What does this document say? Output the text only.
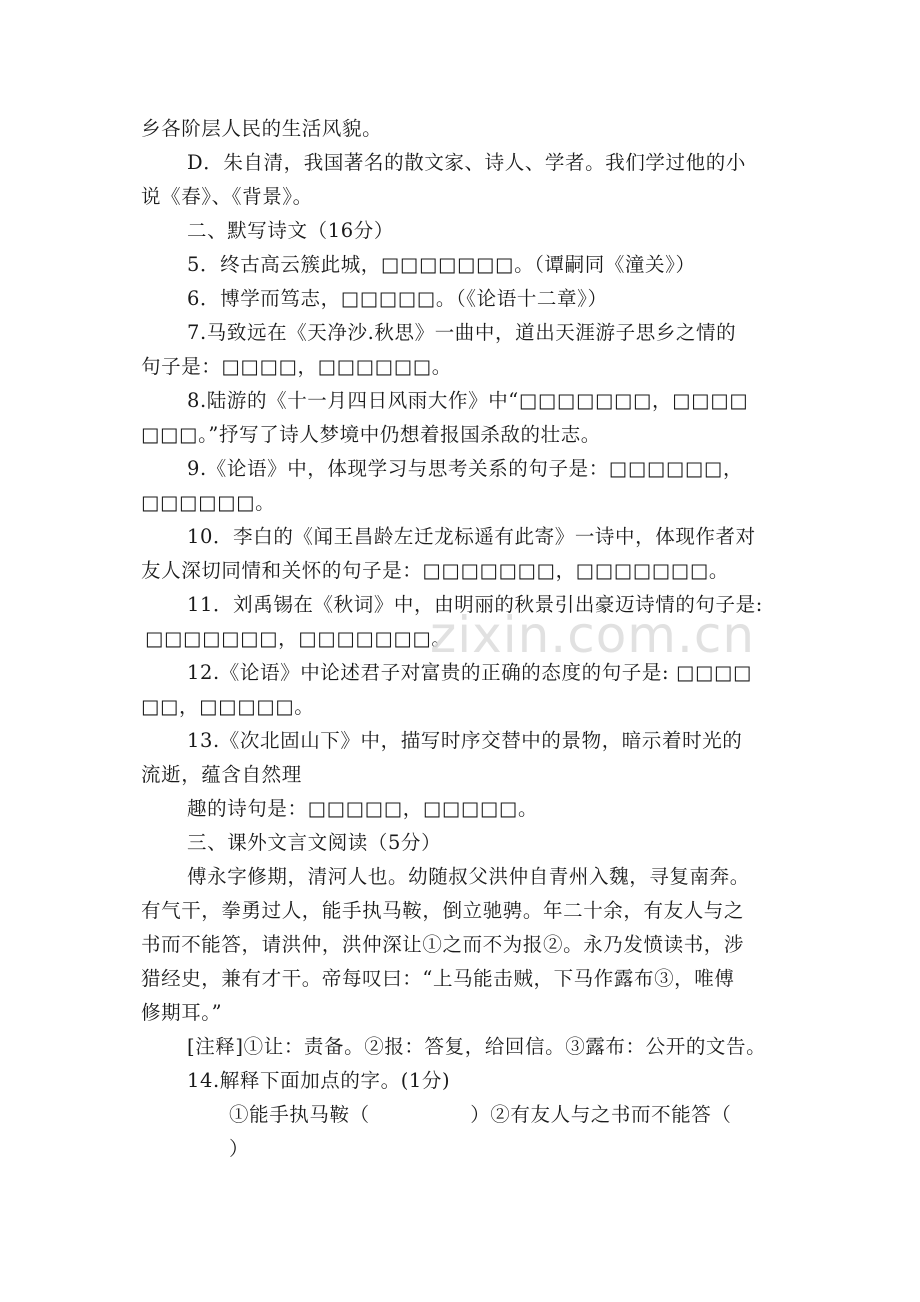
乡各阶层人民的生活风貌。
D．朱自清，我国著名的散文家、诗人、学者。我们学过他的小
说《春》、《背景》。
二、默写诗文（16分）
5．终古高云簇此城，□□□□□□□。（谭嗣同《潼关》）
6．博学而笃志，□□□□□。（《论语十二章》）
7.马致远在《天净沙.秋思》一曲中，道出天涯游子思乡之情的
句子是：□□□□，□□□□□□。
8.陆游的《十一月四日风雨大作》中“□□□□□□□，□□□□
□□□。”抒写了诗人梦境中仍想着报国杀敌的壮志。
9.《论语》中，体现学习与思考关系的句子是：□□□□□□，
□□□□□□。
10．李白的《闻王昌龄左迁龙标遥有此寄》一诗中，体现作者对
友人深切同情和关怀的句子是：□□□□□□□，□□□□□□□。
11．刘禹锡在《秋词》中，由明丽的秋景引出豪迈诗情的句子是:
□□□□□□□，□□□□□□□。
12.《论语》中论述君子对富贵的正确的态度的句子是: □□□□
□□，□□□□□。
13.《次北固山下》中，描写时序交替中的景物，暗示着时光的
流逝，蕴含自然理
趣的诗句是：□□□□□，□□□□□。
三、课外文言文阅读（5分）
傅永字修期，清河人也。幼随叔父洪仲自青州入魏，寻复南奔。
有气干，拳勇过人，能手执马鞍，倒立驰骋。年二十余，有友人与之
书而不能答，请洪仲，洪仲深让①之而不为报②。永乃发愤读书，涉
猎经史，兼有才干。帝每叹曰：“上马能击贼，下马作露布③，唯傅
修期耳。”
[注释]①让：责备。②报：答复，给回信。③露布：公开的文告。
14.解释下面加点的字。(1分)
①能手执马鞍（　　　　　）②有友人与之书而不能答（
）
zixin.com.cn
